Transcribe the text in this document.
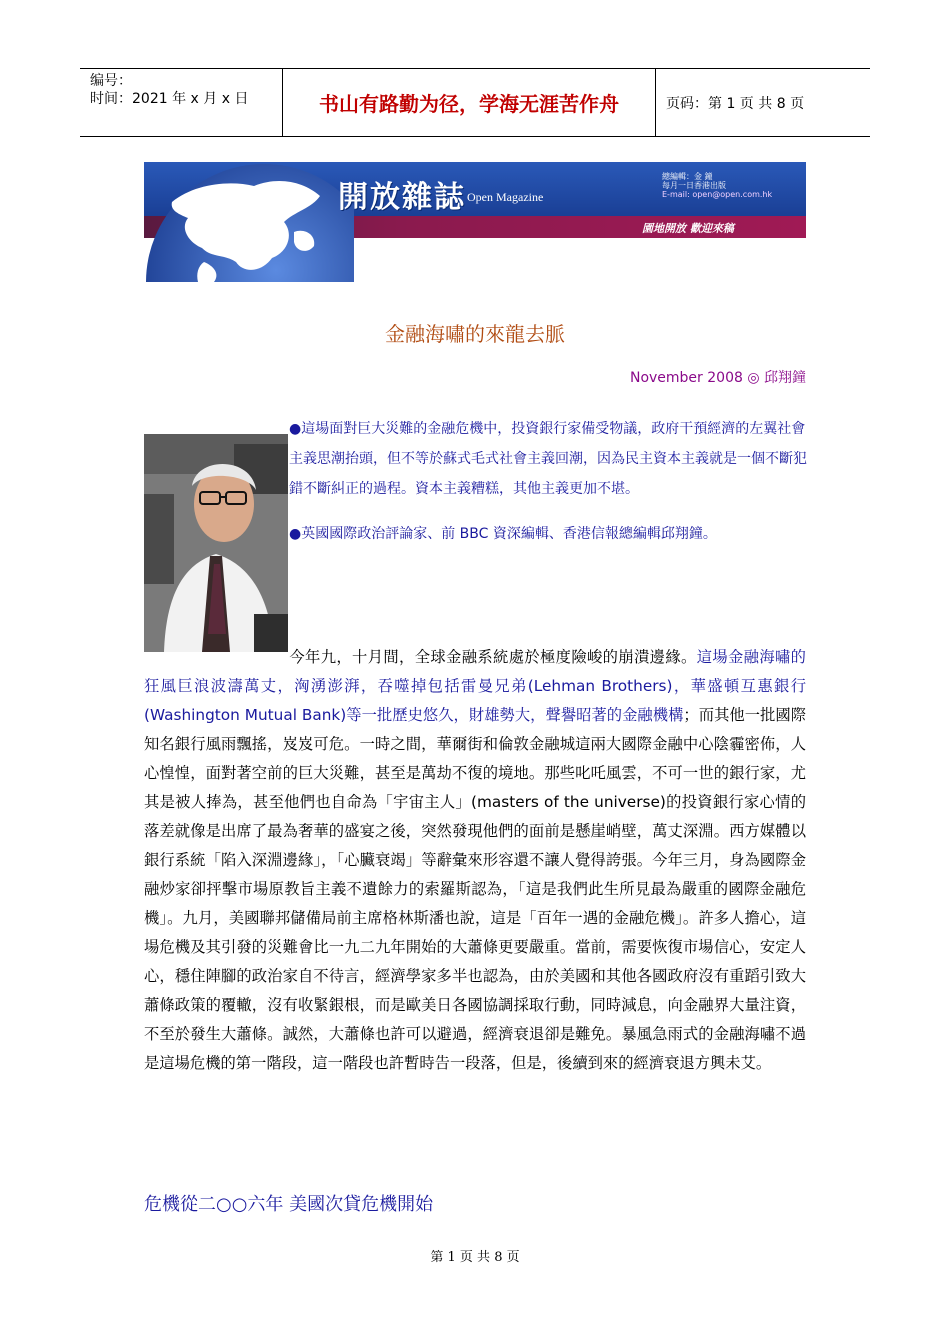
编号：
时间：2021 年 x 月 x 日	书山有路勤为径，学海无涯苦作舟	页码：第 1 页 共 8 页
開放雜誌 Open Magazine
總編輯：金 鐘
每月一日香港出版
E-mail: open@open.com.hk
園地開放 歡迎來稿
金融海嘯的來龍去脈
November 2008 ◎ 邱翔鐘

●這場面對巨大災難的金融危機中，投資銀行家備受物議，政府干預經濟的左翼社會主義思潮抬頭，但不等於蘇式毛式社會主義回潮，因為民主資本主義就是一個不斷犯錯不斷糾正的過程。資本主義糟糕，其他主義更加不堪。

●英國國際政治評論家、前 BBC 資深編輯、香港信報總編輯邱翔鐘。

今年九，十月間，全球金融系統處於極度險峻的崩潰邊緣。這場金融海嘯的狂風巨浪波濤萬丈，洶湧澎湃，吞噬掉包括雷曼兄弟(Lehman Brothers)，華盛頓互惠銀行(Washington Mutual Bank)等一批歷史悠久，財雄勢大，聲譽昭著的金融機構；而其他一批國際知名銀行風雨飄搖，岌岌可危。一時之間，華爾街和倫敦金融城這兩大國際金融中心陰霾密佈，人心惶惶，面對著空前的巨大災難，甚至是萬劫不復的境地。那些叱吒風雲，不可一世的銀行家，尤其是被人捧為，甚至他們也自命為「宇宙主人」(masters of the universe)的投資銀行家心情的落差就像是出席了最為奢華的盛宴之後，突然發現他們的面前是懸崖峭壁，萬丈深淵。西方媒體以銀行系統「陷入深淵邊緣」，「心臟衰竭」等辭彙來形容還不讓人覺得誇張。今年三月，身為國際金融炒家卻抨擊市場原教旨主義不遺餘力的索羅斯認為，「這是我們此生所見最為嚴重的國際金融危機」。九月，美國聯邦儲備局前主席格林斯潘也說，這是「百年一遇的金融危機」。許多人擔心，這場危機及其引發的災難會比一九二九年開始的大蕭條更要嚴重。當前，需要恢復市場信心，安定人心，穩住陣腳的政治家自不待言，經濟學家多半也認為，由於美國和其他各國政府沒有重蹈引致大蕭條政策的覆轍，沒有收緊銀根，而是歐美日各國協調採取行動，同時減息，向金融界大量注資，不至於發生大蕭條。誠然，大蕭條也許可以避過，經濟衰退卻是難免。暴風急雨式的金融海嘯不過是這場危機的第一階段，這一階段也許暫時告一段落，但是，後續到來的經濟衰退方興未艾。
危機從二○○六年 美國次貸危機開始
第 1 页 共 8 页
